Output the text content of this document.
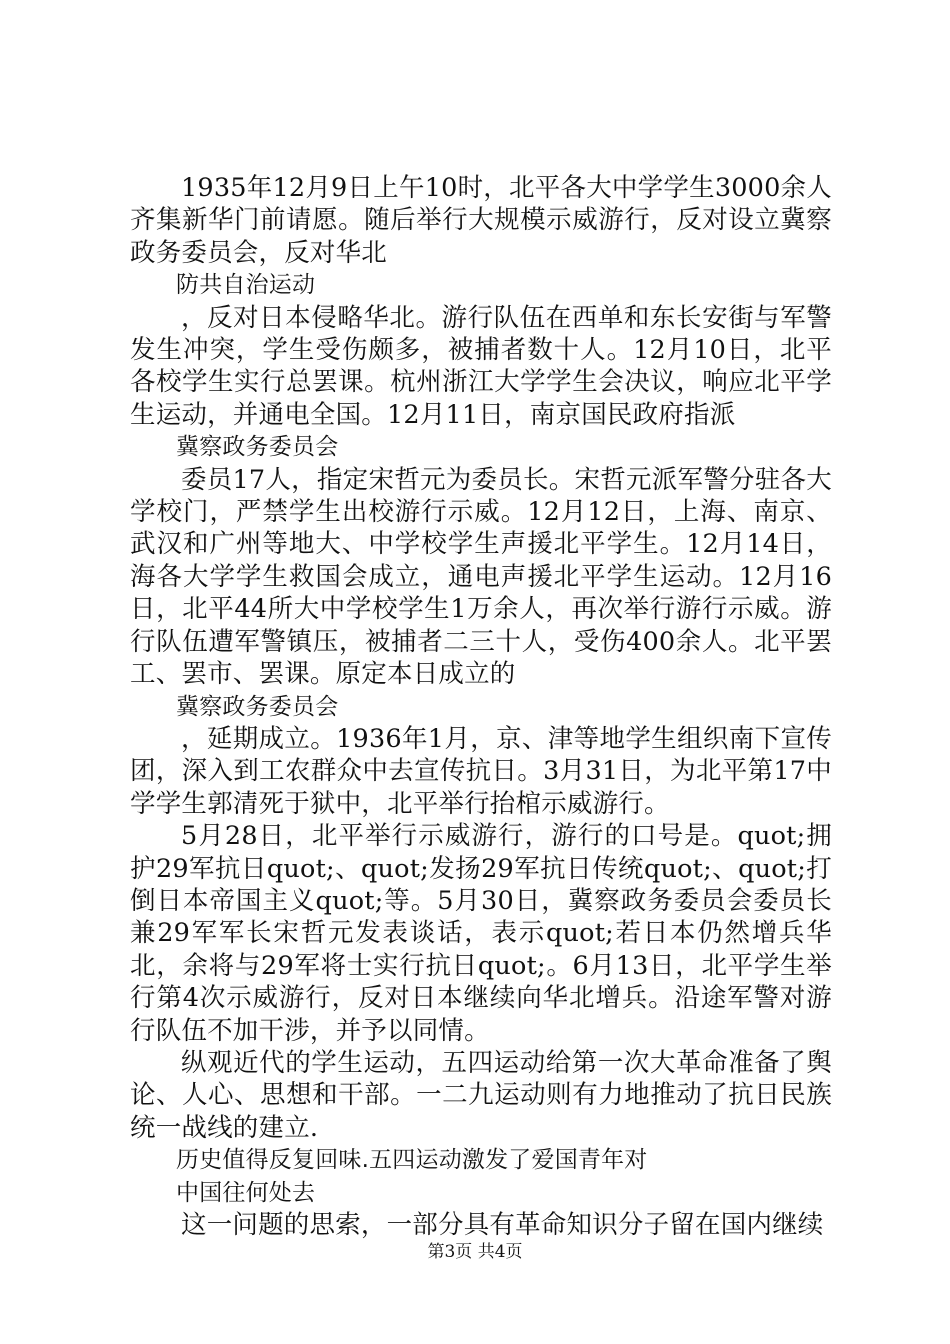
1935年12月9日上午10时，北平各大中学学生3000余人齐集新华门前请愿。随后举行大规模示威游行，反对设立冀察政务委员会，反对华北

防共自治运动

，反对日本侵略华北。游行队伍在西单和东长安街与军警发生冲突，学生受伤颇多，被捕者数十人。12月10日，北平各校学生实行总罢课。杭州浙江大学学生会决议，响应北平学生运动，并通电全国。12月11日，南京国民政府指派

冀察政务委员会

委员17人，指定宋哲元为委员长。宋哲元派军警分驻各大学校门，严禁学生出校游行示威。12月12日，上海、南京、武汉和广州等地大、中学校学生声援北平学生。12月14日，海各大学学生救国会成立，通电声援北平学生运动。12月16日，北平44所大中学校学生1万余人，再次举行游行示威。游行队伍遭军警镇压，被捕者二三十人，受伤400余人。北平罢工、罢市、罢课。原定本日成立的

冀察政务委员会

，延期成立。1936年1月，京、津等地学生组织南下宣传团，深入到工农群众中去宣传抗日。3月31日，为北平第17中学学生郭清死于狱中，北平举行抬棺示威游行。

5月28日，北平举行示威游行，游行的口号是。quot;拥护29军抗日quot;、quot;发扬29军抗日传统quot;、quot;打倒日本帝国主义quot;等。5月30日，冀察政务委员会委员长兼29军军长宋哲元发表谈话，表示quot;若日本仍然增兵华北，余将与29军将士实行抗日quot;。6月13日，北平学生举行第4次示威游行，反对日本继续向华北增兵。沿途军警对游行队伍不加干涉，并予以同情。

纵观近代的学生运动，五四运动给第一次大革命准备了舆论、人心、思想和干部。一二九运动则有力地推动了抗日民族统一战线的建立.

历史值得反复回味.五四运动激发了爱国青年对

中国往何处去

这一问题的思索，一部分具有革命知识分子留在国内继续

第3页 共4页
